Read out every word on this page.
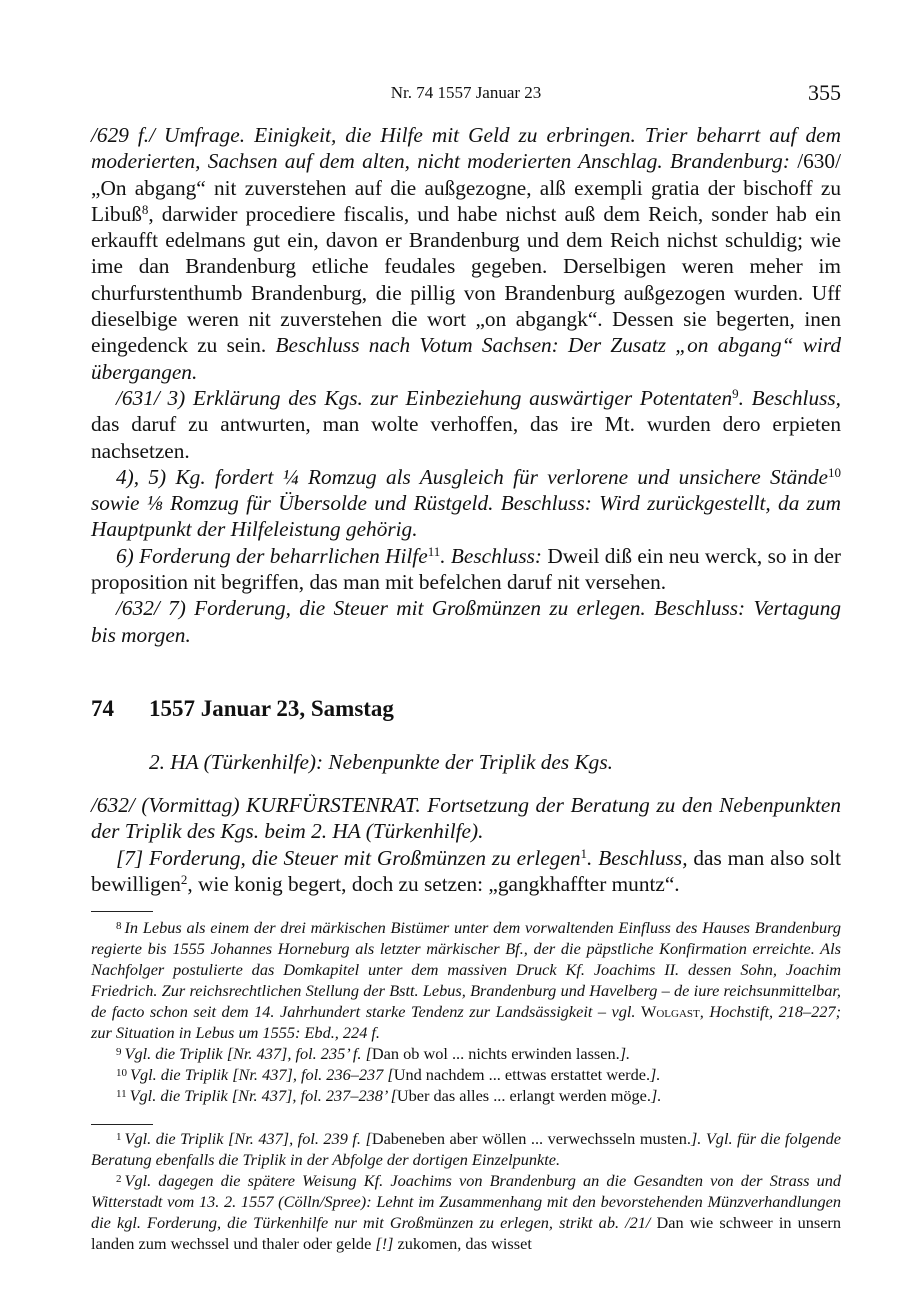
Nr. 74 1557 Januar 23	355

/629 f./ Umfrage. Einigkeit, die Hilfe mit Geld zu erbringen. Trier beharrt auf dem moderierten, Sachsen auf dem alten, nicht moderierten Anschlag. Brandenburg: /630/ „On abgang“ nit zuverstehen auf die außgezogne, alß exempli gratia der bischoff zu Libuß$^8$, darwider procediere fiscalis, und habe nichst auß dem Reich, sonder hab ein erkaufft edelmans gut ein, davon er Brandenburg und dem Reich nichst schuldig; wie ime dan Brandenburg etliche feudales gegeben. Derselbigen weren meher im churfurstenthumb Brandenburg, die pillig von Brandenburg außgezogen wurden. Uff dieselbige weren nit zuverstehen die wort „on abgangk“. Dessen sie begerten, inen eingedenck zu sein. Beschluss nach Votum Sachsen: Der Zusatz „on abgang“ wird übergangen.

/631/ 3) Erklärung des Kgs. zur Einbeziehung auswärtiger Potentaten$^9$. Beschluss, das daruf zu antwurten, man wolte verhoffen, das ire Mt. wurden dero erpieten nachsetzen.

4), 5) Kg. fordert ¼ Romzug als Ausgleich für verlorene und unsichere Stände$^{10}$ sowie ⅛ Romzug für Übersolde und Rüstgeld. Beschluss: Wird zurückgestellt, da zum Hauptpunkt der Hilfeleistung gehörig.

6) Forderung der beharrlichen Hilfe$^{11}$. Beschluss: Dweil diß ein neu werck, so in der proposition nit begriffen, das man mit befelchen daruf nit versehen.

/632/ 7) Forderung, die Steuer mit Großmünzen zu erlegen. Beschluss: Vertagung bis morgen.

74 1557 Januar 23, Samstag
2. HA (Türkenhilfe): Nebenpunkte der Triplik des Kgs.

/632/ (Vormittag) KURFÜRSTENRAT. Fortsetzung der Beratung zu den Nebenpunkten der Triplik des Kgs. beim 2. HA (Türkenhilfe).

[7] Forderung, die Steuer mit Großmünzen zu erlegen$^1$. Beschluss, das man also solt bewilligen$^2$, wie konig begert, doch zu setzen: „gangkhaffter muntz“.

$^8$ In Lebus als einem der drei märkischen Bistümer unter dem vorwaltenden Einfluss des Hauses Brandenburg regierte bis 1555 Johannes Horneburg als letzter märkischer Bf., der die päpstliche Konfirmation erreichte. Als Nachfolger postulierte das Domkapitel unter dem massiven Druck Kf. Joachims II. dessen Sohn, Joachim Friedrich. Zur reichsrechtlichen Stellung der Bstt. Lebus, Brandenburg und Havelberg – de iure reichsunmittelbar, de facto schon seit dem 14. Jahrhundert starke Tendenz zur Landsässigkeit – vgl. Wolgast, Hochstift, 218–227; zur Situation in Lebus um 1555: Ebd., 224 f.

$^9$ Vgl. die Triplik [Nr. 437], fol. 235’ f. [Dan ob wol ... nichts erwinden lassen.].

$^{10}$ Vgl. die Triplik [Nr. 437], fol. 236–237 [Und nachdem ... ettwas erstattet werde.].

$^{11}$ Vgl. die Triplik [Nr. 437], fol. 237–238’ [Uber das alles ... erlangt werden möge.].

$^1$ Vgl. die Triplik [Nr. 437], fol. 239 f. [Dabeneben aber wöllen ... verwechsseln musten.]. Vgl. für die folgende Beratung ebenfalls die Triplik in der Abfolge der dortigen Einzelpunkte.

$^2$ Vgl. dagegen die spätere Weisung Kf. Joachims von Brandenburg an die Gesandten von der Strass und Witterstadt vom 13. 2. 1557 (Cölln/Spree): Lehnt im Zusammenhang mit den bevorstehenden Münzverhandlungen die kgl. Forderung, die Türkenhilfe nur mit Großmünzen zu erlegen, strikt ab. /21/ Dan wie schweer in unsern landen zum wechssel und thaler oder gelde [!] zukomen, das wisset
